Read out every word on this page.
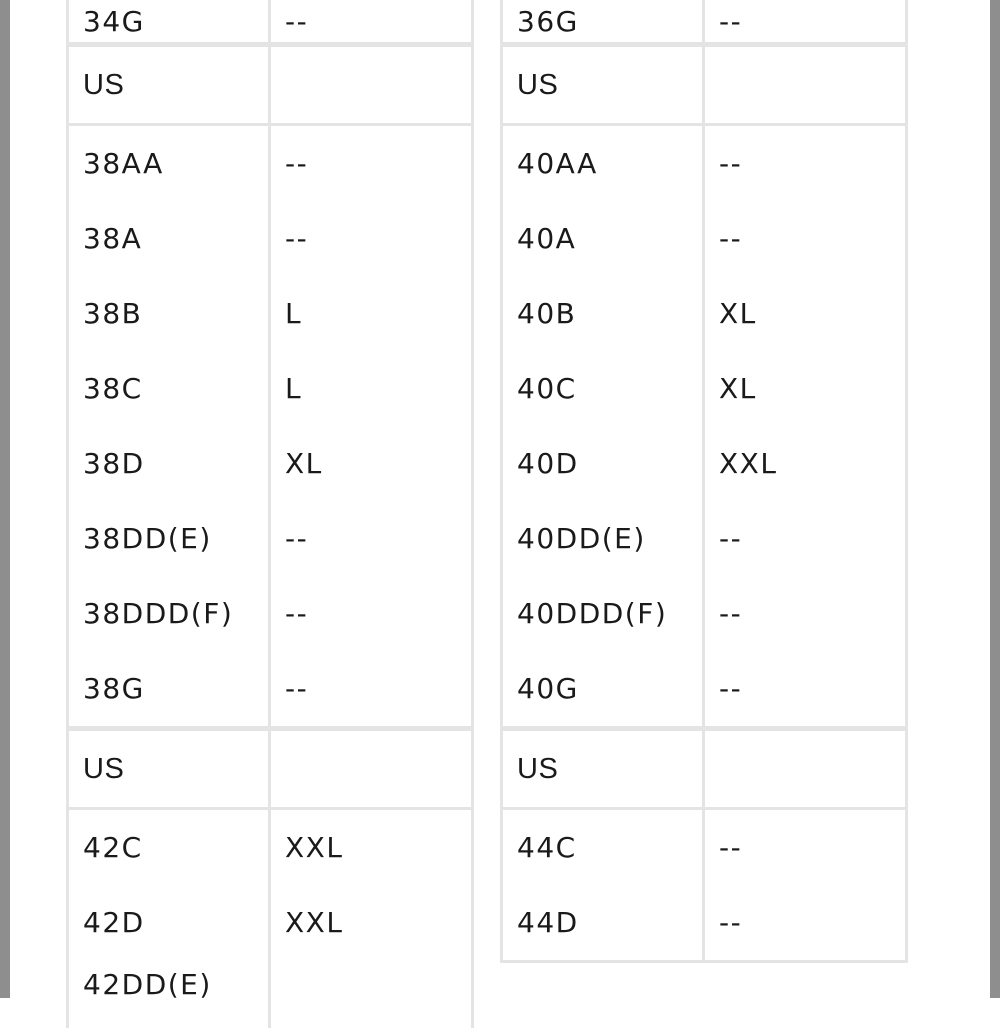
34G	--
US	
38AA	--
38A	--
38B	L
38C	L
38D	XL
38DD(E)	--
38DDD(F)	--
38G	--
US	
42C	XXL
42D	XXL
42DD(E)	
36G	--
US	
40AA	--
40A	--
40B	XL
40C	XL
40D	XXL
40DD(E)	--
40DDD(F)	--
40G	--
US	
44C	--
44D	--
